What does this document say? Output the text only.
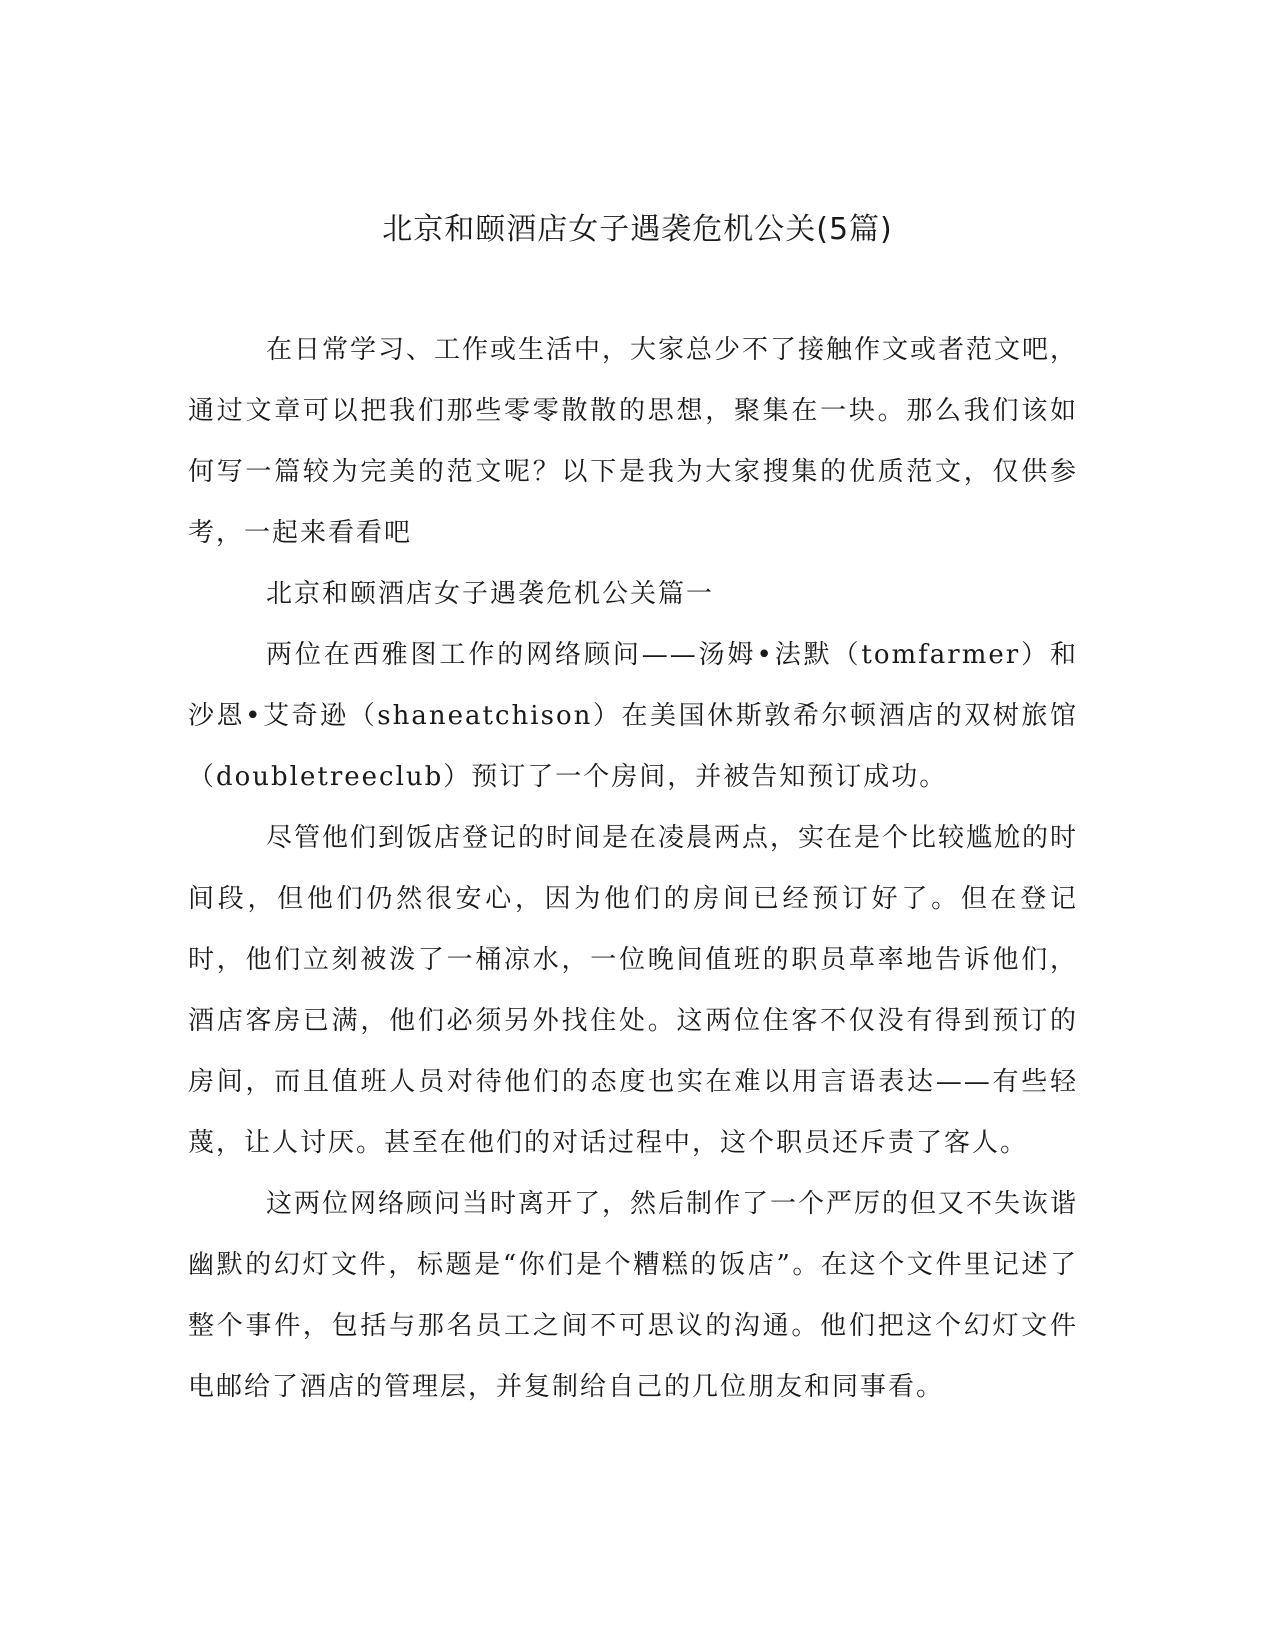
北京和颐酒店女子遇袭危机公关(5篇)

在日常学习、工作或生活中，大家总少不了接触作文或者范文吧，通过文章可以把我们那些零零散散的思想，聚集在一块。那么我们该如何写一篇较为完美的范文呢？以下是我为大家搜集的优质范文，仅供参考，一起来看看吧

北京和颐酒店女子遇袭危机公关篇一

两位在西雅图工作的网络顾问——汤姆•法默（tomfarmer）和沙恩•艾奇逊（shaneatchison）在美国休斯敦希尔顿酒店的双树旅馆（doubletreeclub）预订了一个房间，并被告知预订成功。

尽管他们到饭店登记的时间是在凌晨两点，实在是个比较尴尬的时间段，但他们仍然很安心，因为他们的房间已经预订好了。但在登记时，他们立刻被泼了一桶凉水，一位晚间值班的职员草率地告诉他们，酒店客房已满，他们必须另外找住处。这两位住客不仅没有得到预订的房间，而且值班人员对待他们的态度也实在难以用言语表达——有些轻蔑，让人讨厌。甚至在他们的对话过程中，这个职员还斥责了客人。

这两位网络顾问当时离开了，然后制作了一个严厉的但又不失诙谐幽默的幻灯文件，标题是“你们是个糟糕的饭店”。在这个文件里记述了整个事件，包括与那名员工之间不可思议的沟通。他们把这个幻灯文件电邮给了酒店的管理层，并复制给自己的几位朋友和同事看。
